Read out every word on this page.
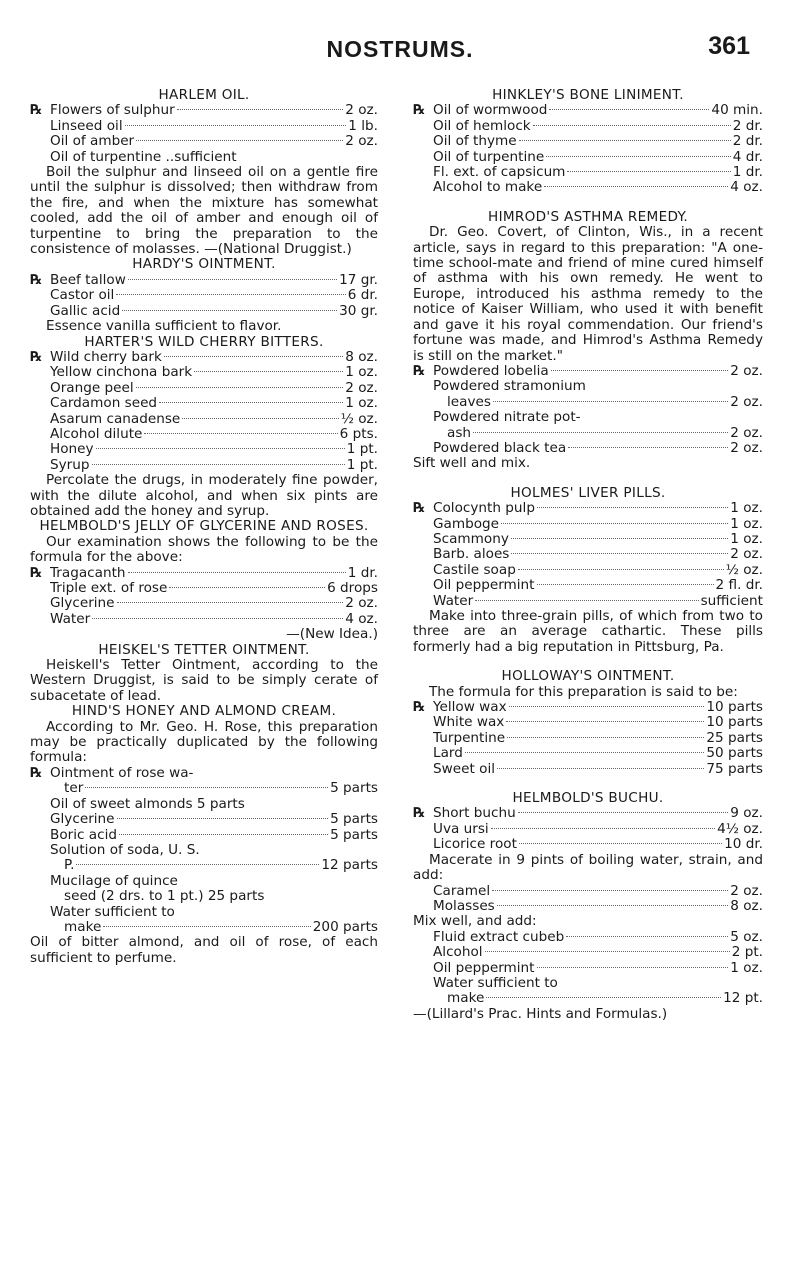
NOSTRUMS.	361

HARLEM OIL.

℞ Flowers of sulphur	2 oz.
Linseed oil	1 lb.
Oil of amber	2 oz.

Oil of turpentine ..sufficient

Boil the sulphur and linseed oil on a gentle fire until the sulphur is dissolved; then withdraw from the fire, and when the mixture has somewhat cooled, add the oil of amber and enough oil of turpentine to bring the preparation to the consistence of molasses. —(National Druggist.)

HARDY'S OINTMENT.

℞ Beef tallow	17 gr.
Castor oil	6 dr.
Gallic acid	30 gr.

Essence vanilla sufficient to flavor.

HARTER'S WILD CHERRY BITTERS.

℞ Wild cherry bark	8 oz.
Yellow cinchona bark	1 oz.
Orange peel	2 oz.
Cardamon seed	1 oz.
Asarum canadense	½ oz.
Alcohol dilute	6 pts.
Honey	1 pt.
Syrup	1 pt.

Percolate the drugs, in moderately fine powder, with the dilute alcohol, and when six pints are obtained add the honey and syrup.

HELMBOLD'S JELLY OF GLYCERINE AND ROSES.

Our examination shows the following to be the formula for the above:

℞ Tragacanth	1 dr.
Triple ext. of rose	6 drops
Glycerine	2 oz.
Water	4 oz.

—(New Idea.)

HEISKEL'S TETTER OINTMENT.

Heiskell's Tetter Ointment, according to the Western Druggist, is said to be simply cerate of subacetate of lead.

HIND'S HONEY AND ALMOND CREAM.

According to Mr. Geo. H. Rose, this preparation may be practically duplicated by the following formula:

℞ Ointment of rose wa-
ter	5 parts

Oil of sweet almonds 5 parts

Glycerine	5 parts
Boric acid	5 parts

Solution of soda, U. S.

P.	12 parts

Mucilage of quince

seed (2 drs. to 1 pt.) 25 parts

Water sufficient to

make	200 parts

Oil of bitter almond, and oil of rose, of each sufficient to perfume.

HINKLEY'S BONE LINIMENT.

℞ Oil of wormwood	40 min.
Oil of hemlock	2 dr.
Oil of thyme	2 dr.
Oil of turpentine	4 dr.
Fl. ext. of capsicum	1 dr.
Alcohol to make	4 oz.

HIMROD'S ASTHMA REMEDY.

Dr. Geo. Covert, of Clinton, Wis., in a recent article, says in regard to this preparation: "A one-time school-mate and friend of mine cured himself of asthma with his own remedy. He went to Europe, introduced his asthma remedy to the notice of Kaiser William, who used it with benefit and gave it his royal commendation. Our friend's fortune was made, and Himrod's Asthma Remedy is still on the market."

℞ Powdered lobelia	2 oz.

Powdered stramonium

leaves	2 oz.

Powdered nitrate pot-

ash	2 oz.
Powdered black tea	2 oz.

Sift well and mix.

HOLMES' LIVER PILLS.

℞ Colocynth pulp	1 oz.
Gamboge	1 oz.
Scammony	1 oz.
Barb. aloes	2 oz.
Castile soap	½ oz.
Oil peppermint	2 fl. dr.
Water	sufficient

Make into three-grain pills, of which from two to three are an average cathartic. These pills formerly had a big reputation in Pittsburg, Pa.

HOLLOWAY'S OINTMENT.

The formula for this preparation is said to be:

℞ Yellow wax	10 parts
White wax	10 parts
Turpentine	25 parts
Lard	50 parts
Sweet oil	75 parts

HELMBOLD'S BUCHU.

℞ Short buchu	9 oz.
Uva ursi	4½ oz.
Licorice root	10 dr.

Macerate in 9 pints of boiling water, strain, and add:

Caramel	2 oz.
Molasses	8 oz.

Mix well, and add:

Fluid extract cubeb	5 oz.
Alcohol	2 pt.
Oil peppermint	1 oz.

Water sufficient to

make	12 pt.

—(Lillard's Prac. Hints and Formulas.)
